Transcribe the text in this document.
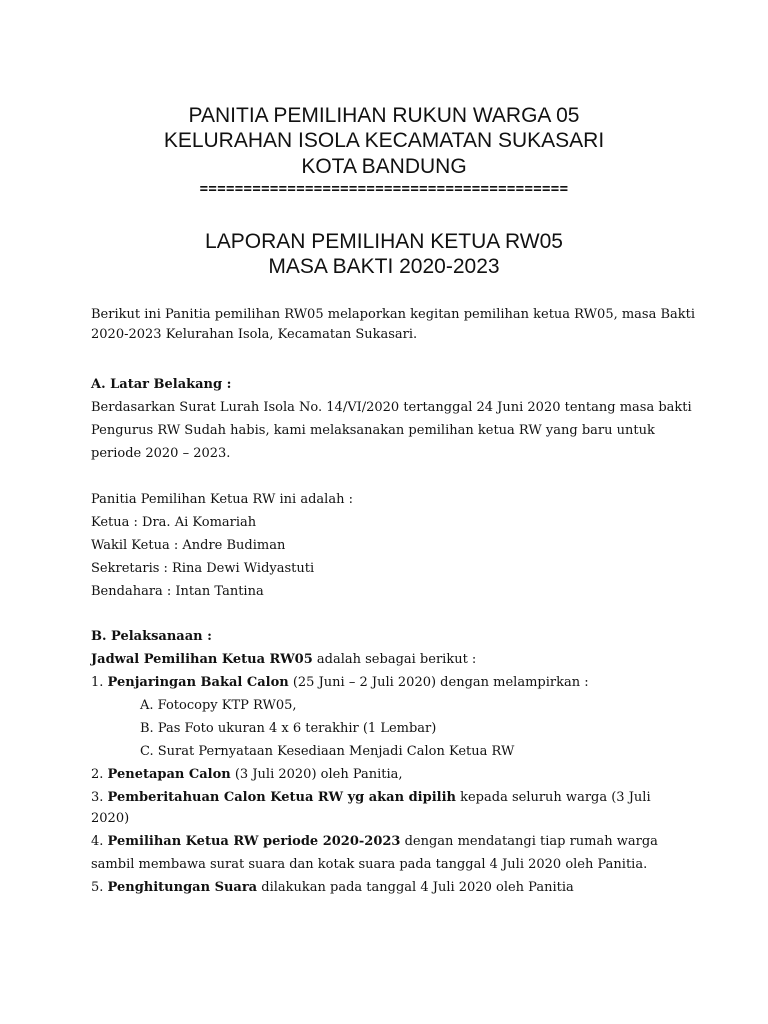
PANITIA PEMILIHAN RUKUN WARGA 05
KELURAHAN ISOLA KECAMATAN SUKASARI
KOTA BANDUNG
==========================================
LAPORAN PEMILIHAN KETUA RW05
MASA BAKTI 2020-2023
Berikut ini Panitia pemilihan RW05 melaporkan kegitan pemilihan ketua RW05, masa Bakti
2020-2023 Kelurahan Isola, Kecamatan Sukasari.
A. Latar Belakang :
Berdasarkan Surat Lurah Isola No. 14/VI/2020 tertanggal 24 Juni 2020 tentang masa bakti
Pengurus RW Sudah habis, kami melaksanakan pemilihan ketua RW yang baru untuk
periode 2020 – 2023.
Panitia Pemilihan Ketua RW ini adalah :
Ketua : Dra. Ai Komariah
Wakil Ketua : Andre Budiman
Sekretaris : Rina Dewi Widyastuti
Bendahara : Intan Tantina
B. Pelaksanaan :
Jadwal Pemilihan Ketua RW05 adalah sebagai berikut :
1. Penjaringan Bakal Calon (25 Juni – 2 Juli 2020) dengan melampirkan :
A. Fotocopy KTP RW05,
B. Pas Foto ukuran 4 x 6 terakhir (1 Lembar)
C. Surat Pernyataan Kesediaan Menjadi Calon Ketua RW
2. Penetapan Calon (3 Juli 2020) oleh Panitia,
3. Pemberitahuan Calon Ketua RW yg akan dipilih kepada seluruh warga (3 Juli
2020)
4. Pemilihan Ketua RW periode 2020-2023 dengan mendatangi tiap rumah warga
sambil membawa surat suara dan kotak suara pada tanggal 4 Juli 2020 oleh Panitia.
5. Penghitungan Suara dilakukan pada tanggal 4 Juli 2020 oleh Panitia
